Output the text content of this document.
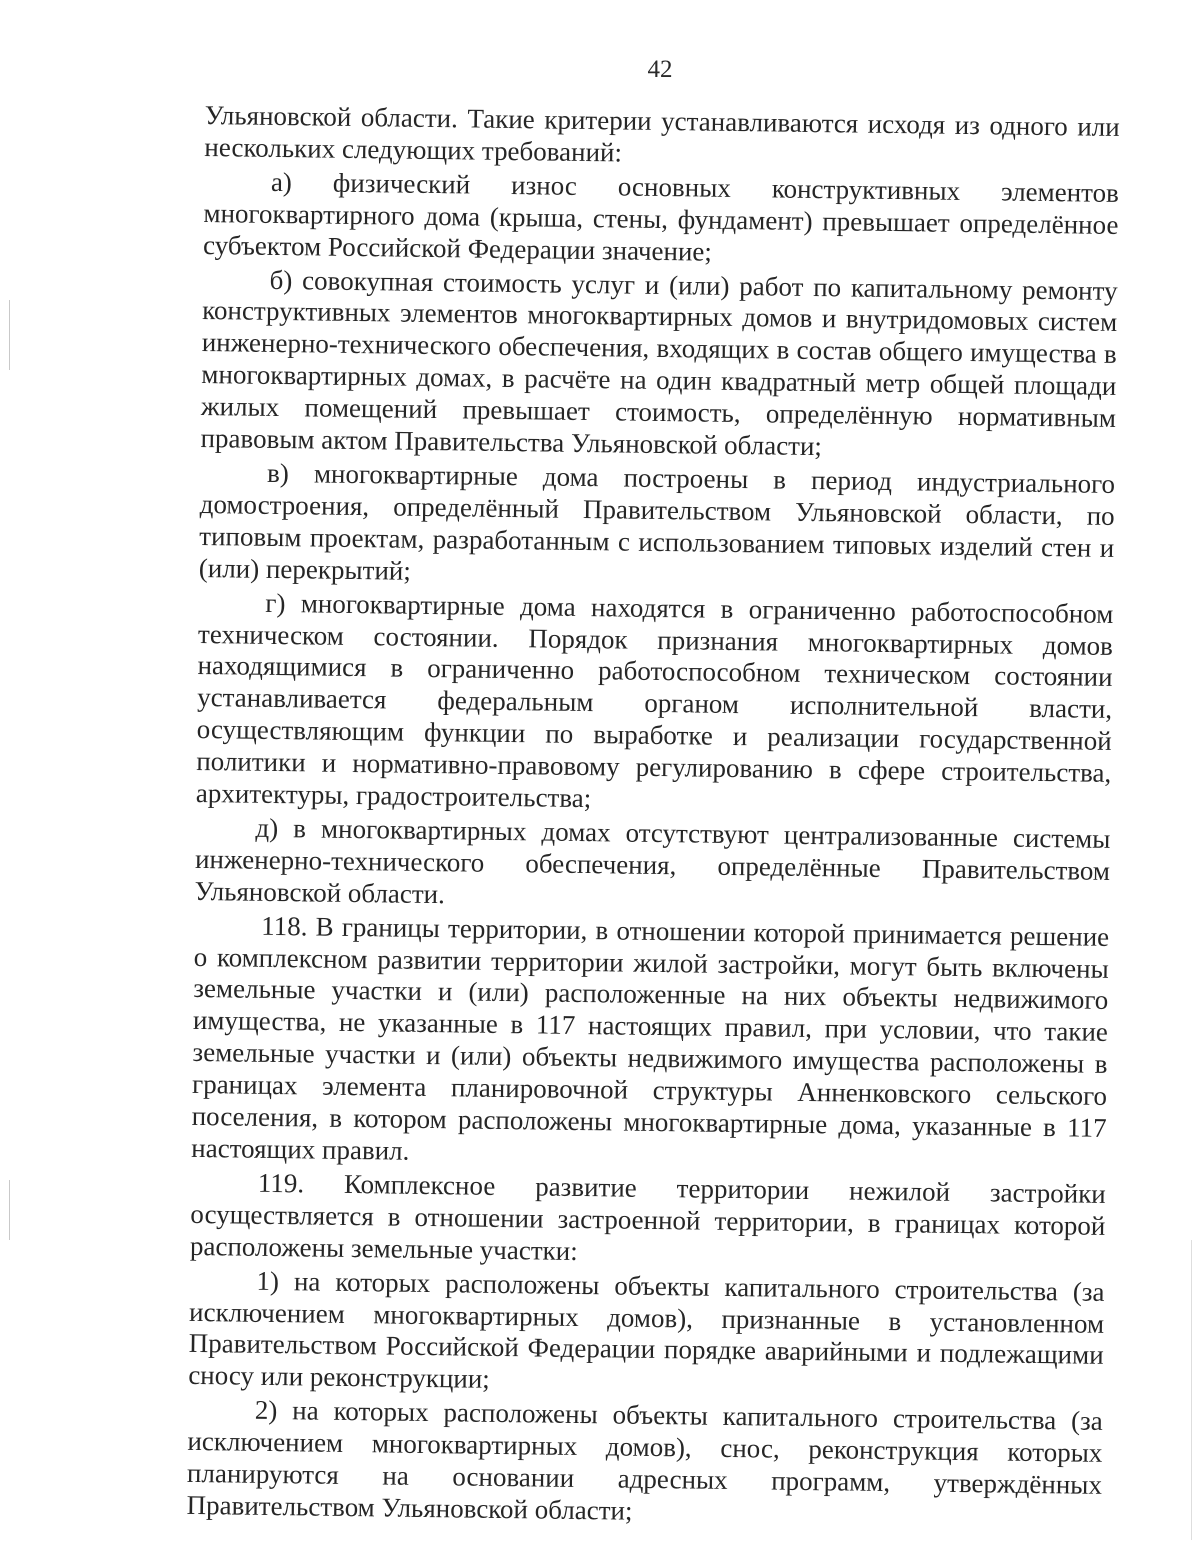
42

Ульяновской области. Такие критерии устанавливаются исходя из одного или нескольких следующих требований:

а) физический износ основных конструктивных элементов многоквартирного дома (крыша, стены, фундамент) превышает определённое субъектом Российской Федерации значение;

б) совокупная стоимость услуг и (или) работ по капитальному ремонту конструктивных элементов многоквартирных домов и внутридомовых систем инженерно-технического обеспечения, входящих в состав общего имущества в многоквартирных домах, в расчёте на один квадратный метр общей площади жилых помещений превышает стоимость, определённую нормативным правовым актом Правительства Ульяновской области;

в) многоквартирные дома построены в период индустриального домостроения, определённый Правительством Ульяновской области, по типовым проектам, разработанным с использованием типовых изделий стен и (или) перекрытий;

г) многоквартирные дома находятся в ограниченно работоспособном техническом состоянии. Порядок признания многоквартирных домов находящимися в ограниченно работоспособном техническом состоянии устанавливается федеральным органом исполнительной власти, осуществляющим функции по выработке и реализации государственной политики и нормативно-правовому регулированию в сфере строительства, архитектуры, градостроительства;

д) в многоквартирных домах отсутствуют централизованные системы инженерно-технического обеспечения, определённые Правительством Ульяновской области.

118. В границы территории, в отношении которой принимается решение о комплексном развитии территории жилой застройки, могут быть включены земельные участки и (или) расположенные на них объекты недвижимого имущества, не указанные в 117 настоящих правил, при условии, что такие земельные участки и (или) объекты недвижимого имущества расположены в границах элемента планировочной структуры Анненковского сельского поселения, в котором расположены многоквартирные дома, указанные в 117 настоящих правил.

119. Комплексное развитие территории нежилой застройки осуществляется в отношении застроенной территории, в границах которой расположены земельные участки:

1) на которых расположены объекты капитального строительства (за исключением многоквартирных домов), признанные в установленном Правительством Российской Федерации порядке аварийными и подлежащими сносу или реконструкции;

2) на которых расположены объекты капитального строительства (за исключением многоквартирных домов), снос, реконструкция которых планируются на основании адресных программ, утверждённых Правительством Ульяновской области;
